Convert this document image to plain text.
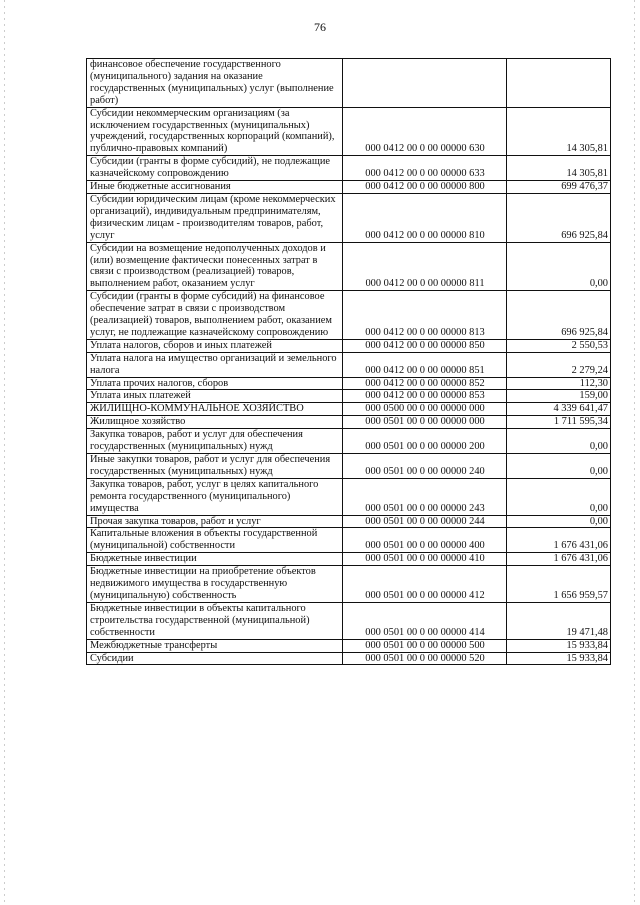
76
финансовое обеспечение государственного (муниципального) задания на оказание государственных (муниципальных) услуг (выполнение работ)		
Субсидии некоммерческим организациям (за исключением государственных (муниципальных) учреждений, государственных корпораций (компаний), публично-правовых компаний)	000 0412 00 0 00 00000 630	14 305,81
Субсидии (гранты в форме субсидий), не подлежащие казначейскому сопровождению	000 0412 00 0 00 00000 633	14 305,81
Иные бюджетные ассигнования	000 0412 00 0 00 00000 800	699 476,37
Субсидии юридическим лицам (кроме некоммерческих организаций), индивидуальным предпринимателям, физическим лицам - производителям товаров, работ, услуг	000 0412 00 0 00 00000 810	696 925,84
Субсидии на возмещение недополученных доходов и (или) возмещение фактически понесенных затрат в связи с производством (реализацией) товаров, выполнением работ, оказанием услуг	000 0412 00 0 00 00000 811	0,00
Субсидии (гранты в форме субсидий) на финансовое обеспечение затрат в связи с производством (реализацией) товаров, выполнением работ, оказанием услуг, не подлежащие казначейскому сопровождению	000 0412 00 0 00 00000 813	696 925,84
Уплата налогов, сборов и иных платежей	000 0412 00 0 00 00000 850	2 550,53
Уплата налога на имущество организаций и земельного налога	000 0412 00 0 00 00000 851	2 279,24
Уплата прочих налогов, сборов	000 0412 00 0 00 00000 852	112,30
Уплата иных платежей	000 0412 00 0 00 00000 853	159,00
ЖИЛИЩНО-КОММУНАЛЬНОЕ ХОЗЯЙСТВО	000 0500 00 0 00 00000 000	4 339 641,47
Жилищное хозяйство	000 0501 00 0 00 00000 000	1 711 595,34
Закупка товаров, работ и услуг для обеспечения государственных (муниципальных) нужд	000 0501 00 0 00 00000 200	0,00
Иные закупки товаров, работ и услуг для обеспечения государственных (муниципальных) нужд	000 0501 00 0 00 00000 240	0,00
Закупка товаров, работ, услуг в целях капитального ремонта государственного (муниципального) имущества	000 0501 00 0 00 00000 243	0,00
Прочая закупка товаров, работ и услуг	000 0501 00 0 00 00000 244	0,00
Капитальные вложения в объекты государственной (муниципальной) собственности	000 0501 00 0 00 00000 400	1 676 431,06
Бюджетные инвестиции	000 0501 00 0 00 00000 410	1 676 431,06
Бюджетные инвестиции на приобретение объектов недвижимого имущества в государственную (муниципальную) собственность	000 0501 00 0 00 00000 412	1 656 959,57
Бюджетные инвестиции в объекты капитального строительства государственной (муниципальной) собственности	000 0501 00 0 00 00000 414	19 471,48
Межбюджетные трансферты	000 0501 00 0 00 00000 500	15 933,84
Субсидии	000 0501 00 0 00 00000 520	15 933,84
